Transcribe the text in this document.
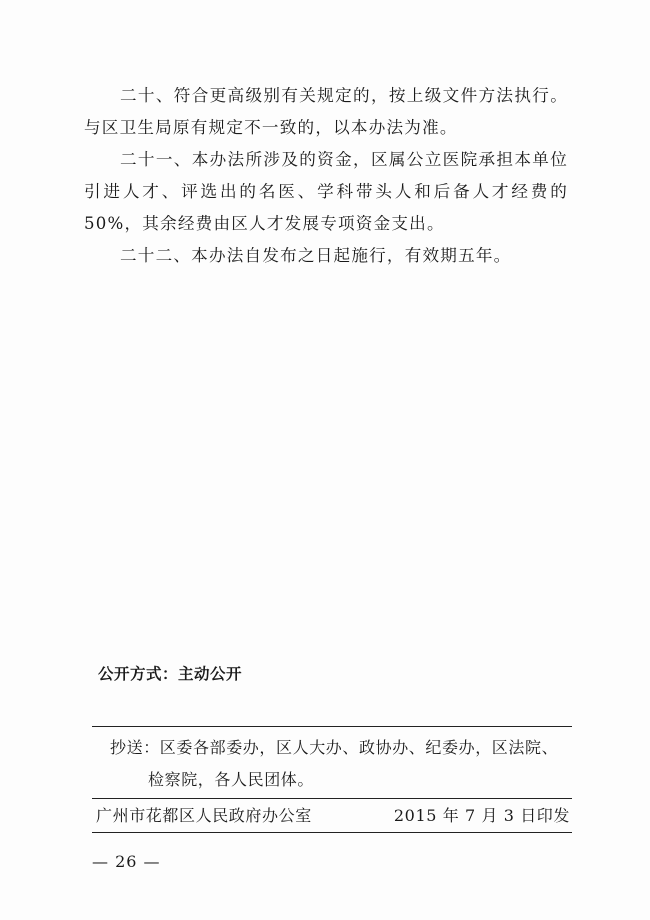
二十、符合更高级别有关规定的，按上级文件方法执行。与区卫生局原有规定不一致的，以本办法为准。

二十一、本办法所涉及的资金，区属公立医院承担本单位引进人才、评选出的名医、学科带头人和后备人才经费的50%，其余经费由区人才发展专项资金支出。

二十二、本办法自发布之日起施行，有效期五年。

公开方式：主动公开
抄送：区委各部委办，区人大办、政协办、纪委办，区法院、
检察院，各人民团体。
广州市花都区人民政府办公室	2015 年 7 月 3 日印发
— 26 —
